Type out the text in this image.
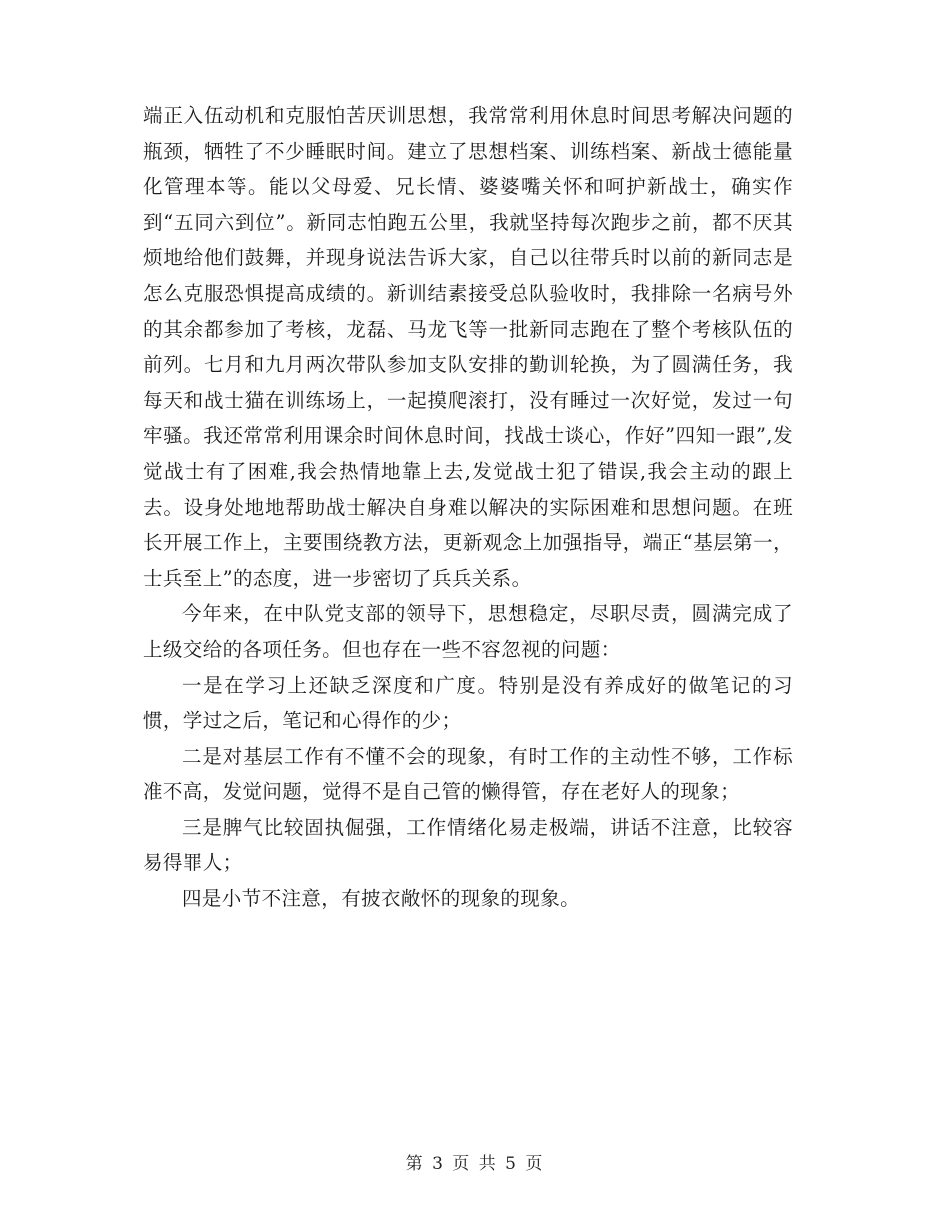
端正入伍动机和克服怕苦厌训思想，我常常利用休息时间思考解决问题的瓶颈，牺牲了不少睡眠时间。建立了思想档案、训练档案、新战士德能量化管理本等。能以父母爱、兄长情、婆婆嘴关怀和呵护新战士，确实作到“五同六到位”。新同志怕跑五公里，我就坚持每次跑步之前，都不厌其烦地给他们鼓舞，并现身说法告诉大家，自己以往带兵时以前的新同志是怎么克服恐惧提高成绩的。新训结素接受总队验收时，我排除一名病号外的其余都参加了考核，龙磊、马龙飞等一批新同志跑在了整个考核队伍的前列。七月和九月两次带队参加支队安排的勤训轮换，为了圆满任务，我每天和战士猫在训练场上，一起摸爬滚打，没有睡过一次好觉，发过一句牢骚。我还常常利用课余时间休息时间，找战士谈心，作好”四知一跟”,发觉战士有了困难,我会热情地靠上去,发觉战士犯了错误,我会主动的跟上去。设身处地地帮助战士解决自身难以解决的实际困难和思想问题。在班长开展工作上，主要围绕教方法，更新观念上加强指导，端正“基层第一，士兵至上”的态度，进一步密切了兵兵关系。

今年来，在中队党支部的领导下，思想稳定，尽职尽责，圆满完成了上级交给的各项任务。但也存在一些不容忽视的问题：

一是在学习上还缺乏深度和广度。特别是没有养成好的做笔记的习惯，学过之后，笔记和心得作的少；

二是对基层工作有不懂不会的现象，有时工作的主动性不够，工作标准不高，发觉问题，觉得不是自己管的懒得管，存在老好人的现象；

三是脾气比较固执倔强，工作情绪化易走极端，讲话不注意，比较容易得罪人；

四是小节不注意，有披衣敞怀的现象的现象。

第 3 页 共 5 页
